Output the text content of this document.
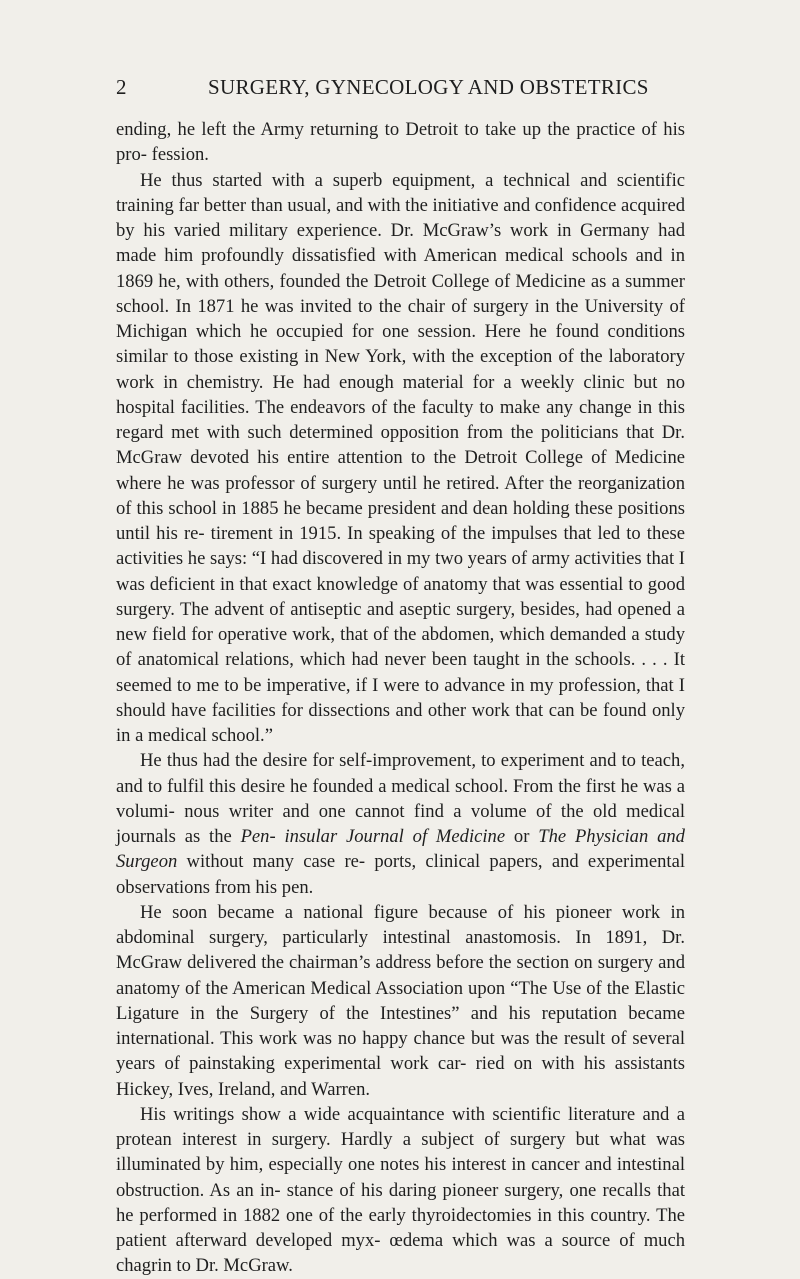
2	SURGERY, GYNECOLOGY AND OBSTETRICS

ending, he left the Army returning to Detroit to take up the practice of his pro- fession.

He thus started with a superb equipment, a technical and scientific training far better than usual, and with the initiative and confidence acquired by his varied military experience. Dr. McGraw’s work in Germany had made him profoundly dissatisfied with American medical schools and in 1869 he, with others, founded the Detroit College of Medicine as a summer school. In 1871 he was invited to the chair of surgery in the University of Michigan which he occupied for one session. Here he found conditions similar to those existing in New York, with the exception of the laboratory work in chemistry. He had enough material for a weekly clinic but no hospital facilities. The endeavors of the faculty to make any change in this regard met with such determined opposition from the politicians that Dr. McGraw devoted his entire attention to the Detroit College of Medicine where he was professor of surgery until he retired. After the reorganization of this school in 1885 he became president and dean holding these positions until his re- tirement in 1915. In speaking of the impulses that led to these activities he says: “I had discovered in my two years of army activities that I was deficient in that exact knowledge of anatomy that was essential to good surgery. The advent of antiseptic and aseptic surgery, besides, had opened a new field for operative work, that of the abdomen, which demanded a study of anatomical relations, which had never been taught in the schools. . . . It seemed to me to be imperative, if I were to advance in my profession, that I should have facilities for dissections and other work that can be found only in a medical school.”

He thus had the desire for self-improvement, to experiment and to teach, and to fulfil this desire he founded a medical school. From the first he was a volumi- nous writer and one cannot find a volume of the old medical journals as the Pen- insular Journal of Medicine or The Physician and Surgeon without many case re- ports, clinical papers, and experimental observations from his pen.

He soon became a national figure because of his pioneer work in abdominal surgery, particularly intestinal anastomosis. In 1891, Dr. McGraw delivered the chairman’s address before the section on surgery and anatomy of the American Medical Association upon “The Use of the Elastic Ligature in the Surgery of the Intestines” and his reputation became international. This work was no happy chance but was the result of several years of painstaking experimental work car- ried on with his assistants Hickey, Ives, Ireland, and Warren.

His writings show a wide acquaintance with scientific literature and a protean interest in surgery. Hardly a subject of surgery but what was illuminated by him, especially one notes his interest in cancer and intestinal obstruction. As an in- stance of his daring pioneer surgery, one recalls that he performed in 1882 one of the early thyroidectomies in this country. The patient afterward developed myx- œdema which was a source of much chagrin to Dr. McGraw.
